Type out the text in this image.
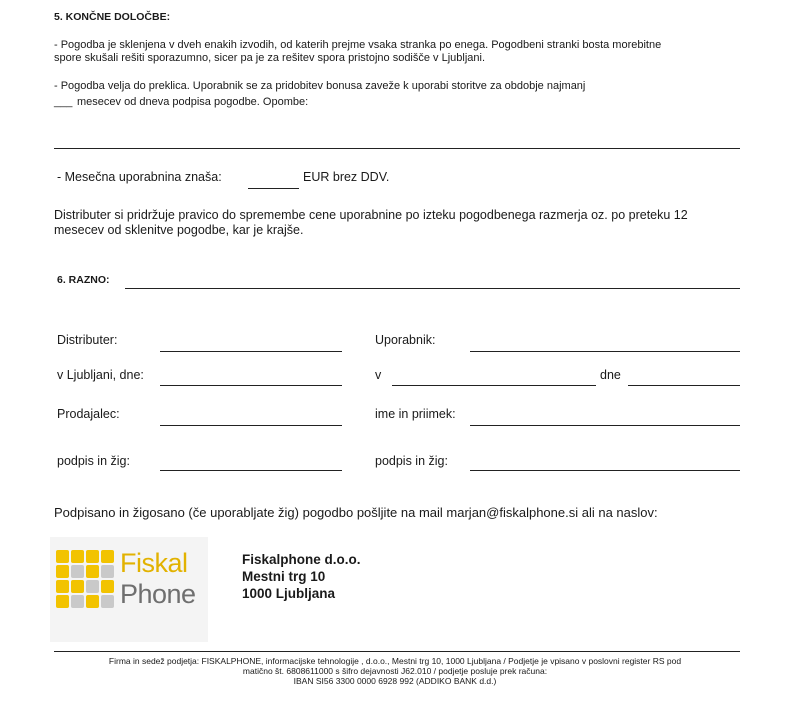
5. KONČNE DOLOČBE:
- Pogodba je sklenjena v dveh enakih izvodih, od katerih prejme vsaka stranka po enega. Pogodbeni stranki bosta morebitne
spore skušali rešiti sporazumno, sicer pa je za rešitev spora pristojno sodišče v Ljubljani.
- Pogodba velja do preklica. Uporabnik se za pridobitev bonusa zaveže k uporabi storitve za obdobje najmanj
___ mesecev od dneva podpisa pogodbe. Opombe:
- Mesečna uporabnina znaša:	EUR brez DDV.
Distributer si pridržuje pravico do spremembe cene uporabnine po izteku pogodbenega razmerja oz. po preteku 12
mesecev od sklenitve pogodbe, kar je krajše.
6. RAZNO:
Distributer:	Uporabnik:
v Ljubljani, dne:	v	dne
Prodajalec:	ime in priimek:
podpis in žig:	podpis in žig:
Podpisano in žigosano (če uporabljate žig) pogodbo pošljite na mail marjan@fiskalphone.si ali na naslov:
Fiskal
Phone
Fiskalphone d.o.o.
Mestni trg 10
1000 Ljubljana
Firma in sedež podjetja: FISKALPHONE, informacijske tehnologije , d.o.o., Mestni trg 10, 1000 Ljubljana / Podjetje je vpisano v poslovni register RS pod
matično št. 6808611000 s šifro dejavnosti J62.010 / podjetje posluje prek računa:
IBAN SI56 3300 0000 6928 992 (ADDIKO BANK d.d.)
